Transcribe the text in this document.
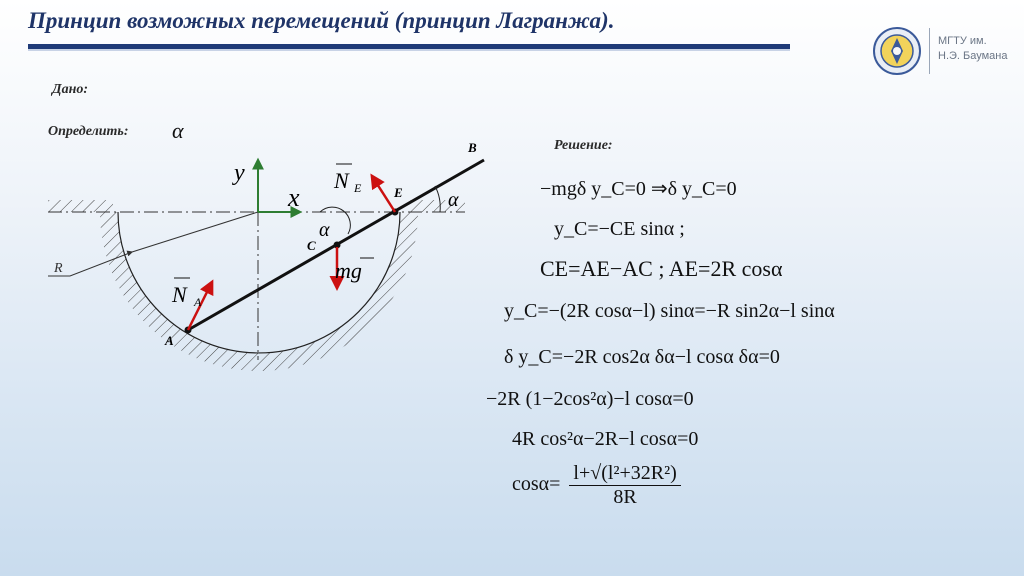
Принцип возможных перемещений (принцип Лагранжа).
МГТУ им.
Н.Э. Баумана
Дано:
Определить: α
Решение:
R
y
x
N E
N A
mg
A
B
C
E
α
α	−mgδ y_C=0 ⇒δ y_C=0
y_C=−CE sinα ;
CE=AE−AC ; AE=2R cosα
y_C=−(2R cosα−l) sinα=−R sin2α−l sinα
δ y_C=−2R cos2α δα−l cosα δα=0
−2R (1−2cos²α)−l cosα=0
4R cos²α−2R−l cosα=0
$\cos\alpha= \frac{\text{l+√(l²+32R²)}}{8R}$
